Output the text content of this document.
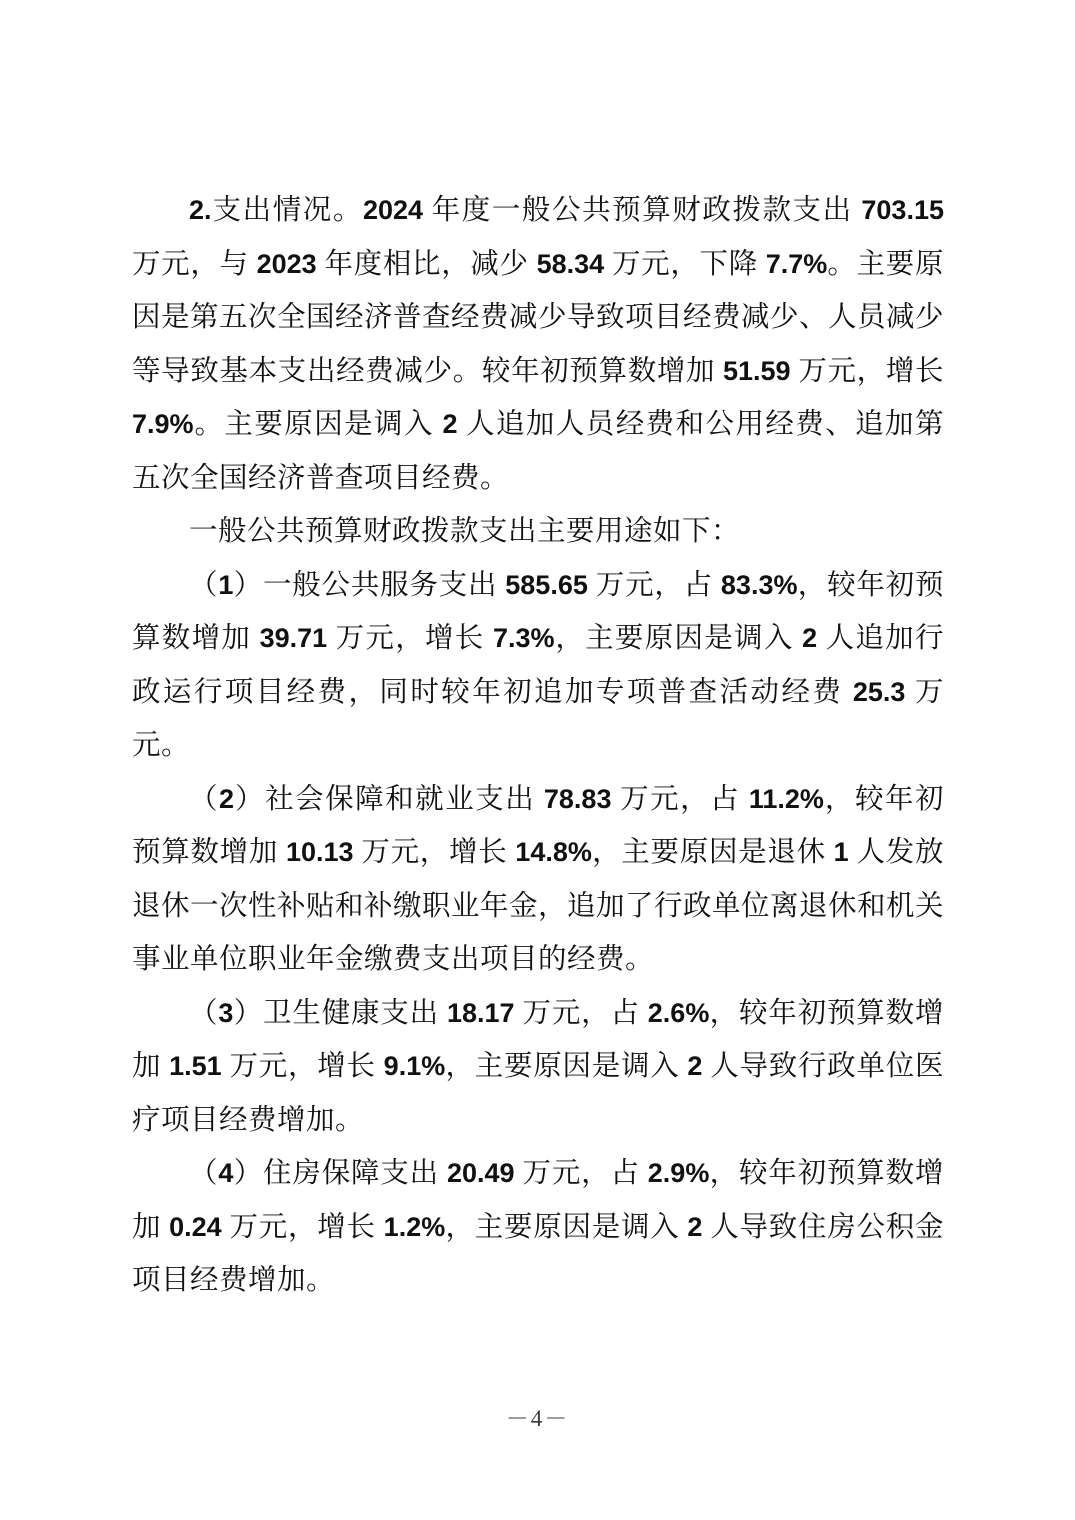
2.支出情况。2024 年度一般公共预算财政拨款支出 703.15 万元，与 2023 年度相比，减少 58.34 万元，下降 7.7%。主要原因是第五次全国经济普查经费减少导致项目经费减少、人员减少等导致基本支出经费减少。较年初预算数增加 51.59 万元，增长 7.9%。主要原因是调入 2 人追加人员经费和公用经费、追加第五次全国经济普查项目经费。

一般公共预算财政拨款支出主要用途如下：

（1）一般公共服务支出 585.65 万元，占 83.3%，较年初预算数增加 39.71 万元，增长 7.3%，主要原因是调入 2 人追加行政运行项目经费，同时较年初追加专项普查活动经费 25.3 万元。

（2）社会保障和就业支出 78.83 万元，占 11.2%，较年初预算数增加 10.13 万元，增长 14.8%，主要原因是退休 1 人发放退休一次性补贴和补缴职业年金，追加了行政单位离退休和机关事业单位职业年金缴费支出项目的经费。

（3）卫生健康支出 18.17 万元，占 2.6%，较年初预算数增加 1.51 万元，增长 9.1%，主要原因是调入 2 人导致行政单位医疗项目经费增加。

（4）住房保障支出 20.49 万元，占 2.9%，较年初预算数增加 0.24 万元，增长 1.2%，主要原因是调入 2 人导致住房公积金项目经费增加。

－4－
